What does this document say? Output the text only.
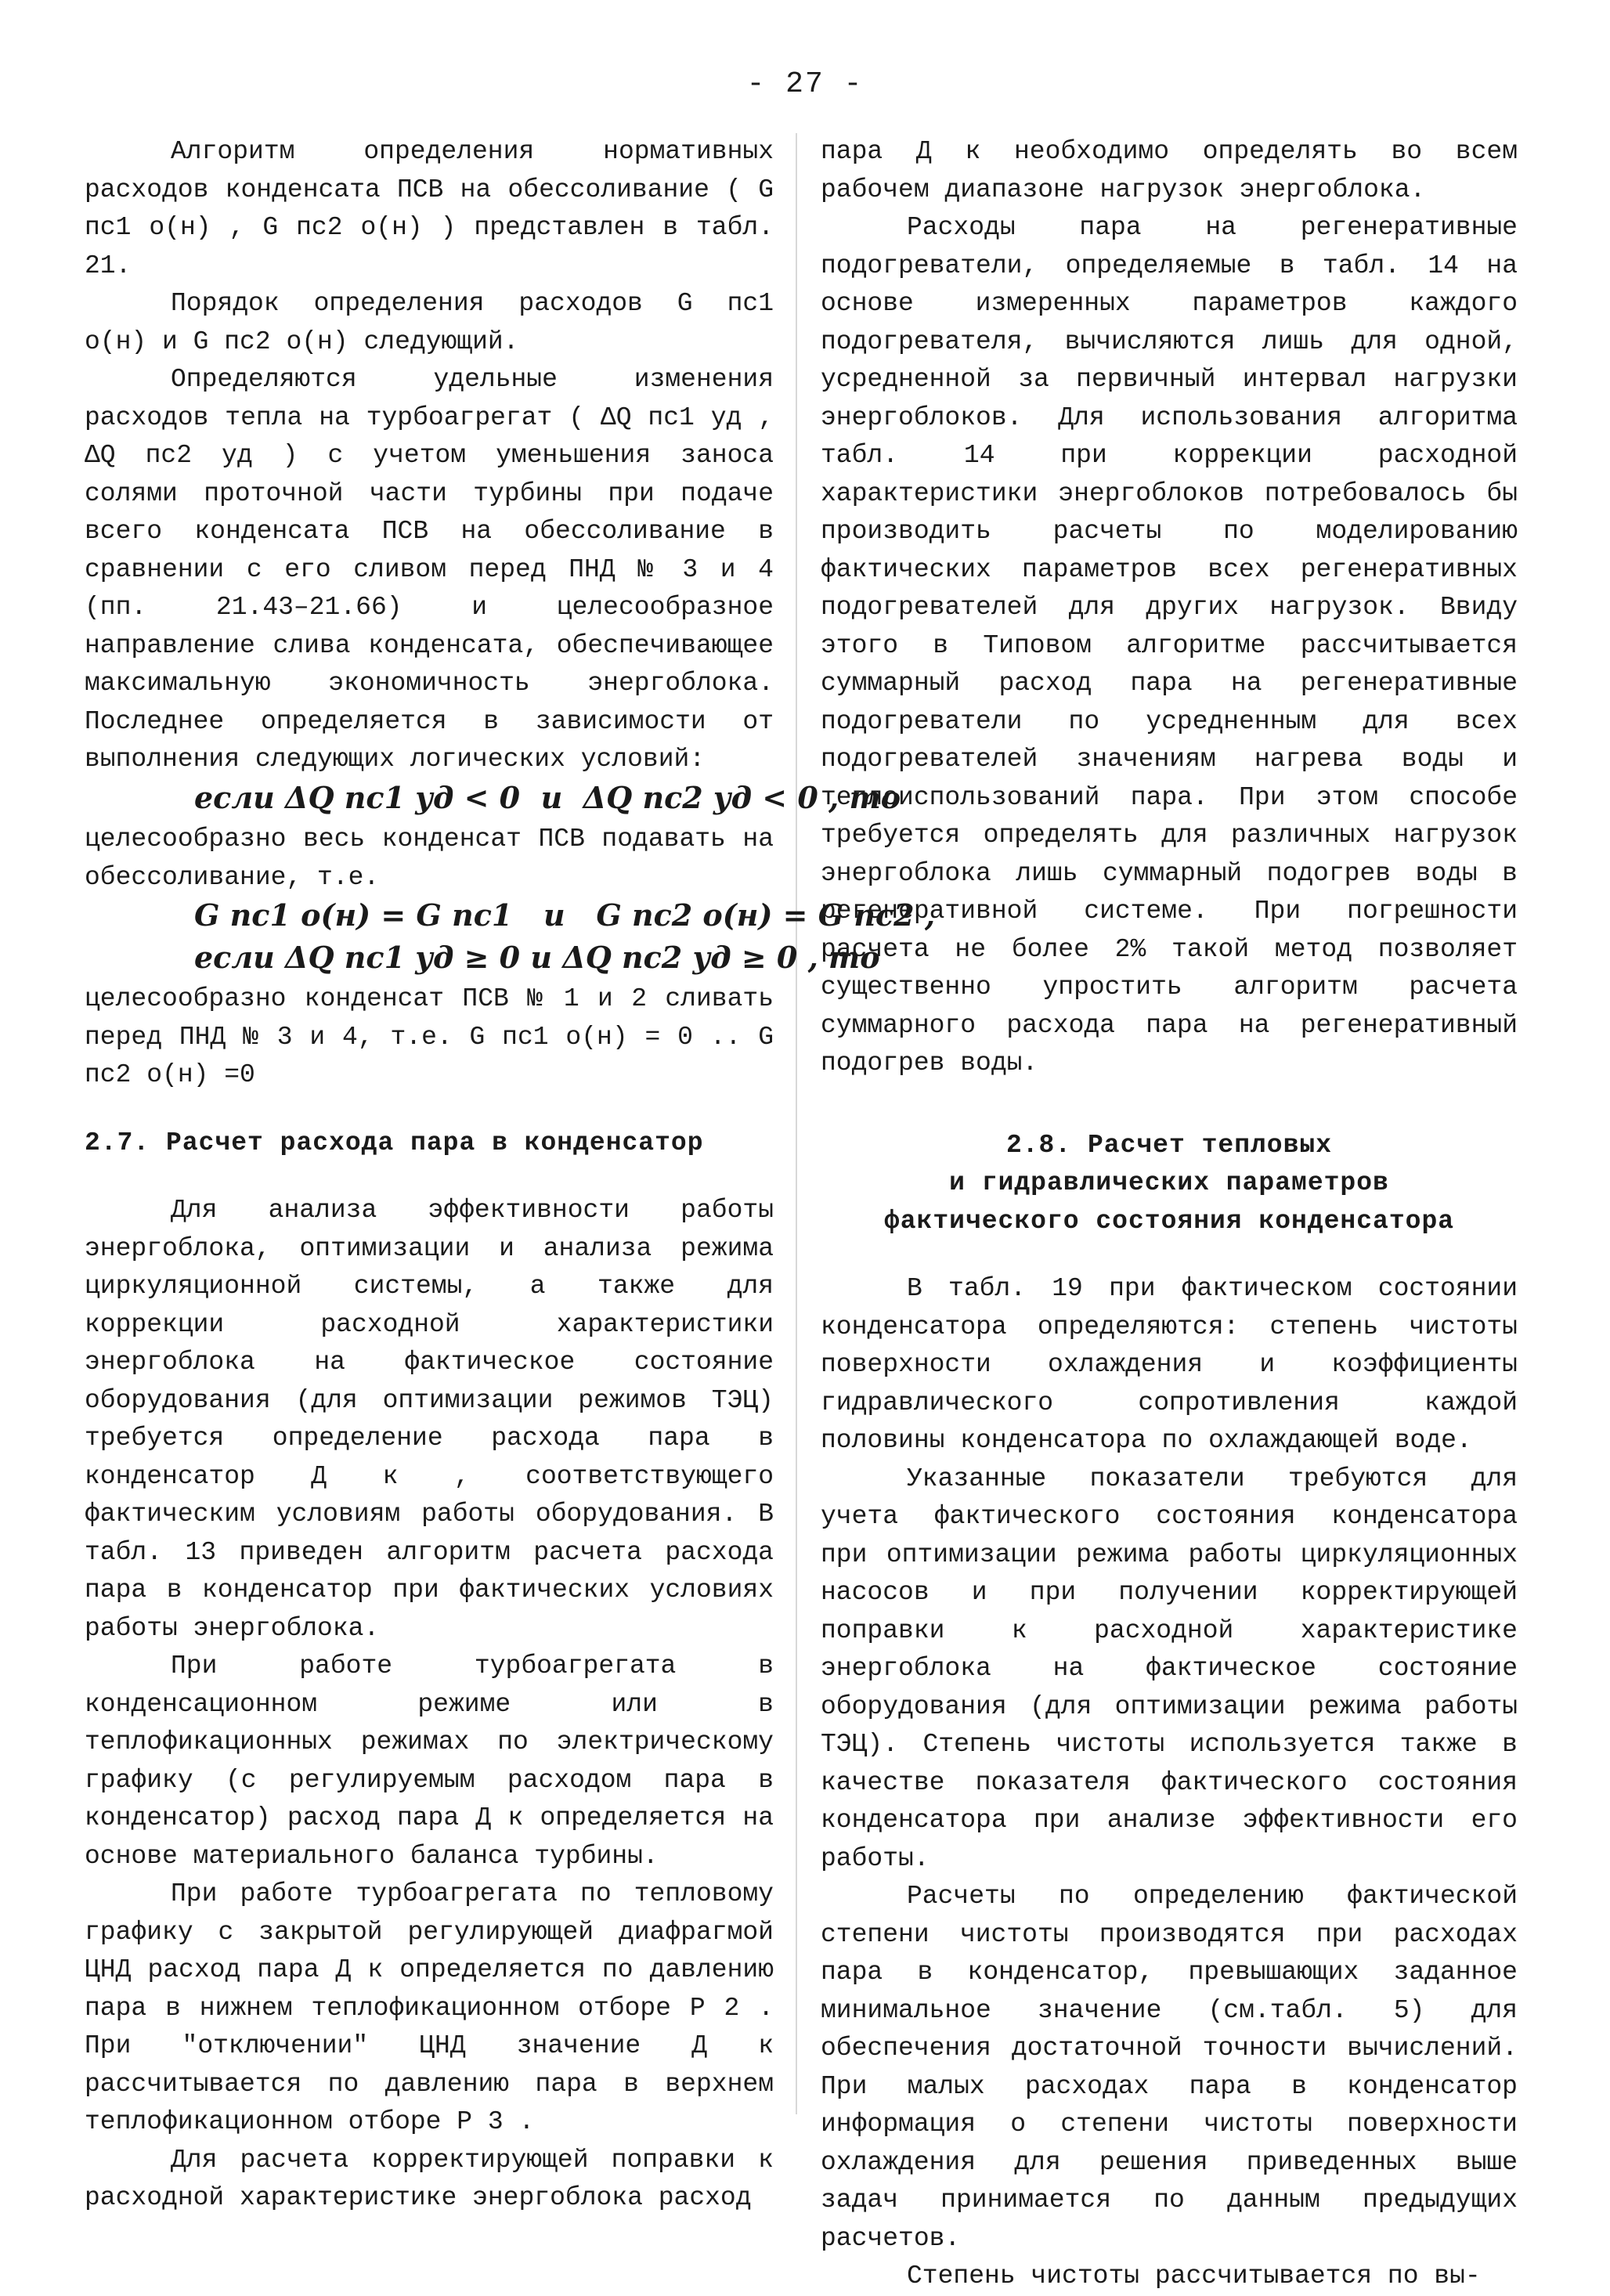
- 27 -

Алгоритм определения нормативных расходов конденсата ПСВ на обессоливание ( G пс1 о(н) , G пс2 о(н) ) представлен в табл. 21.

Порядок определения расходов G пс1 о(н) и G пс2 о(н) следующий.

Определяются удельные изменения расходов тепла на турбоагрегат ( ΔQ пс1 уд , ΔQ пс2 уд ) с учетом уменьшения заноса солями проточной части турбины при подаче всего конденсата ПСВ на обессоливание в сравнении с его сливом перед ПНД № 3 и 4 (пп. 21.43–21.66) и целесообразное направление слива конденсата, обеспечивающее максимальную экономичность энергоблока. Последнее определяется в зависимости от выполнения следующих логических условий:

если ΔQ пс1 уд < 0  и  ΔQ пс2 уд < 0 , то

целесообразно весь конденсат ПСВ подавать на обессоливание, т.е.

G пс1 о(н) = G пс1   и   G пс2 о(н) = G пс2 ,

если ΔQ пс1 уд ≥ 0 и ΔQ пс2 уд ≥ 0 , то

целесообразно конденсат ПСВ № 1 и 2 сливать перед ПНД № 3 и 4, т.е. G пс1 о(н) = 0 .. G пс2 о(н) =0

2.7. Расчет расхода пара в конденсатор

Для анализа эффективности работы энергоблока, оптимизации и анализа режима циркуляционной системы, а также для коррекции расходной характеристики энергоблока на фактическое состояние оборудования (для оптимизации режимов ТЭЦ) требуется определение расхода пара в конденсатор Д к , соответствующего фактическим условиям работы оборудования. В табл. 13 приведен алгоритм расчета расхода пара в конденсатор при фактических условиях работы энергоблока.

При работе турбоагрегата в конденсационном режиме или в теплофикационных режимах по электрическому графику (с регулируемым расходом пара в конденсатор) расход пара Д к определяется на основе материального баланса турбины.

При работе турбоагрегата по тепловому графику с закрытой регулирующей диафрагмой ЦНД расход пара Д к определяется по давлению пара в нижнем теплофикационном отборе P 2 . При "отключении" ЦНД значение Д к рассчитывается по давлению пара в верхнем теплофикационном отборе P 3 .

Для расчета корректирующей поправки к расходной характеристике энергоблока расход

пара Д к необходимо определять во всем рабочем диапазоне нагрузок энергоблока.

Расходы пара на регенеративные подогреватели, определяемые в табл. 14 на основе измеренных параметров каждого подогревателя, вычисляются лишь для одной, усредненной за первичный интервал нагрузки энергоблоков. Для использования алгоритма табл. 14 при коррекции расходной характеристики энергоблоков потребовалось бы производить расчеты по моделированию фактических параметров всех регенеративных подогревателей для других нагрузок. Ввиду этого в Типовом алгоритме рассчитывается суммарный расход пара на регенеративные подогреватели по усредненным для всех подогревателей значениям нагрева воды и теплоиспользований пара. При этом способе требуется определять для различных нагрузок энергоблока лишь суммарный подогрев воды в регенеративной системе. При погрешности расчета не более 2% такой метод позволяет существенно упростить алгоритм расчета суммарного расхода пара на регенеративный подогрев воды.

2.8. Расчет тепловых

и гидравлических параметров

фактического состояния конденсатора

В табл. 19 при фактическом состоянии конденсатора определяются: степень чистоты поверхности охлаждения и коэффициенты гидравлического сопротивления каждой половины конденсатора по охлаждающей воде.

Указанные показатели требуются для учета фактического состояния конденсатора при оптимизации режима работы циркуляционных насосов и при получении корректирующей поправки к расходной характеристике энергоблока на фактическое состояние оборудования (для оптимизации режима работы ТЭЦ). Степень чистоты используется также в качестве показателя фактического состояния конденсатора при анализе эффективности его работы.

Расчеты по определению фактической степени чистоты производятся при расходах пара в конденсатор, превышающих заданное минимальное значение (см.табл. 5) для обеспечения достаточной точности вычислений. При малых расходах пара в конденсатор информация о степени чистоты поверхности охлаждения для решения приведенных выше задач принимается по данным предыдущих расчетов.

Степень чистоты рассчитывается по вы-
